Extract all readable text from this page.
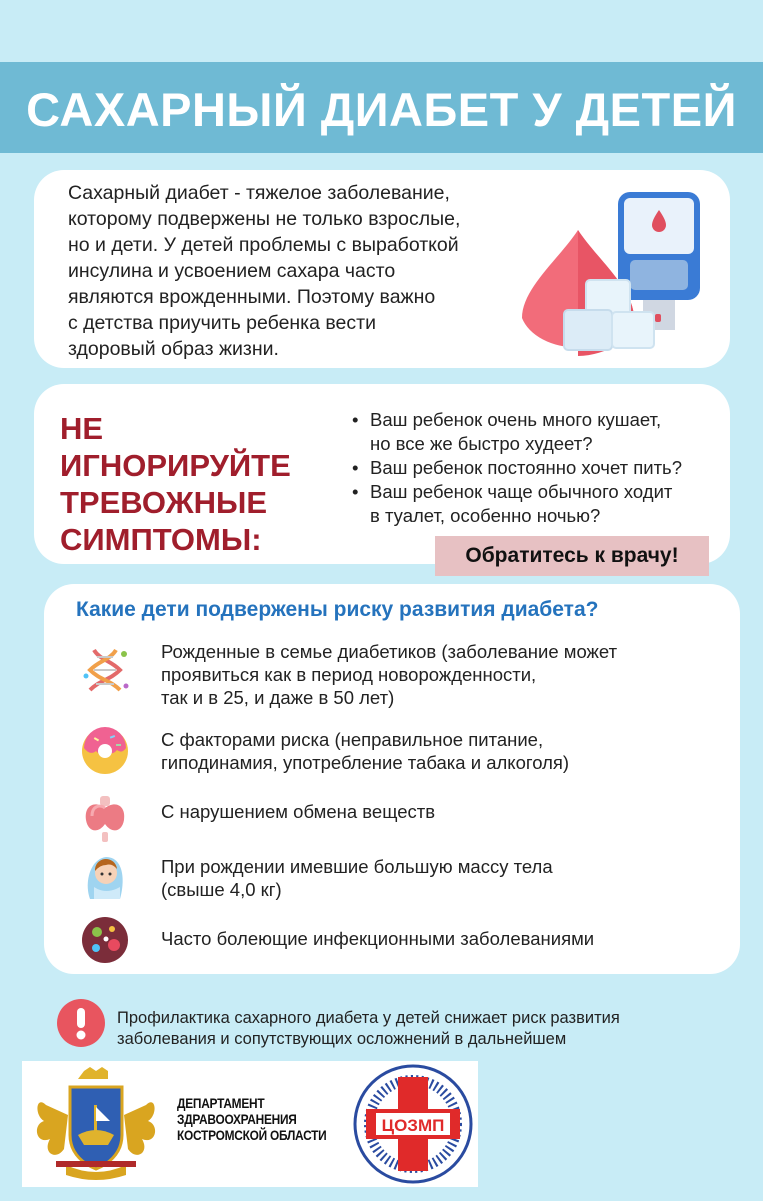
САХАРНЫЙ ДИАБЕТ У ДЕТЕЙ

Сахарный диабет - тяжелое заболевание,
которому подвержены не только взрослые,
но и дети. У детей проблемы с выработкой
инсулина и усвоением сахара часто
являются врожденными. Поэтому важно
с детства приучить ребенка вести
здоровый образ жизни.

НЕ ИГНОРИРУЙТЕ
ТРЕВОЖНЫЕ
СИМПТОМЫ:

• Ваш ребенок очень много кушает,
но все же быстро худеет?
• Ваш ребенок постоянно хочет пить?
• Ваш ребенок чаще обычного ходит
в туалет, особенно ночью?
Обратитесь к врачу!

Какие дети подвержены риску развития диабета?

Рожденные в семье диабетиков (заболевание может
проявиться как в период новорожденности,
так и в 25, и даже в 50 лет)
С факторами риска (неправильное питание,
гиподинамия, употребление табака и алкоголя)
С нарушением обмена веществ
При рождении имевшие большую массу тела
(свыше 4,0 кг)
Часто болеющие инфекционными заболеваниями
Профилактика сахарного диабета у детей снижает риск развития
заболевания и сопутствующих осложнений в дальнейшем
ДЕПАРТАМЕНТ
ЗДРАВООХРАНЕНИЯ
КОСТРОМСКОЙ ОБЛАСТИ	ЦОЗМП
